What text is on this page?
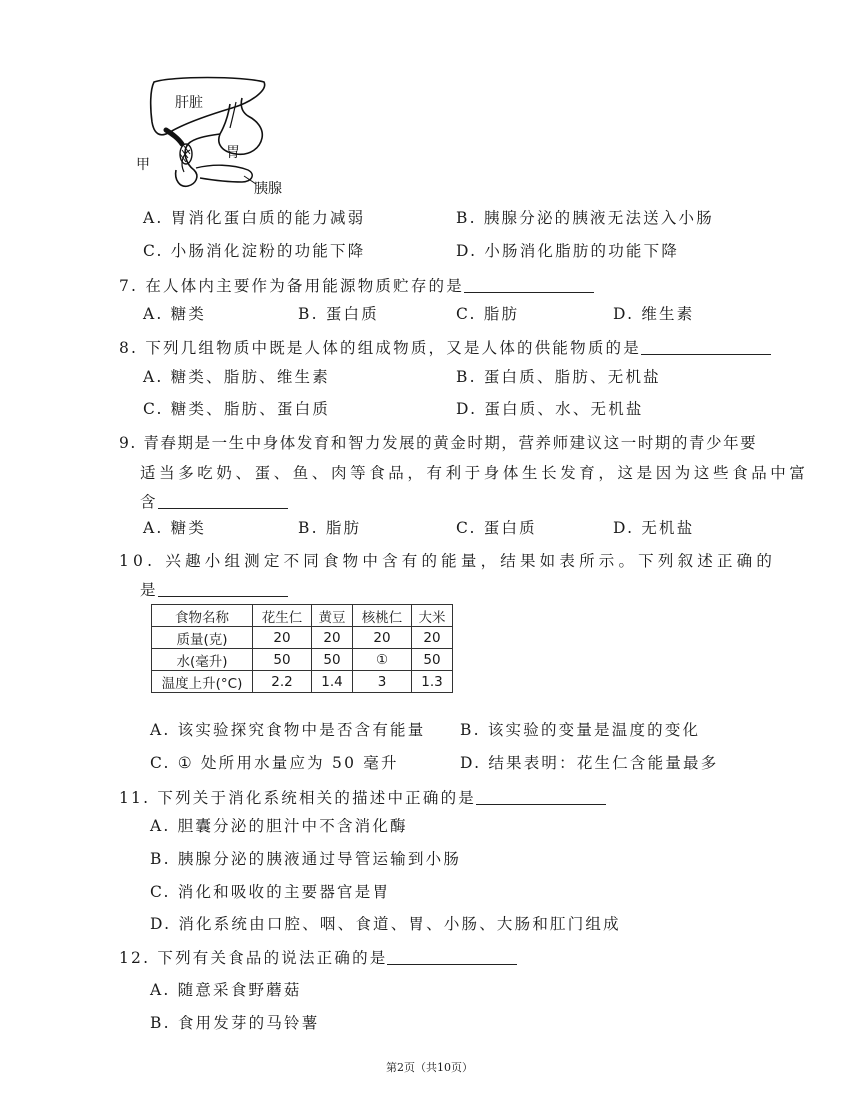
肝脏
胃
甲
胰腺
A. 胃消化蛋白质的能力减弱	B. 胰腺分泌的胰液无法送入小肠
C. 小肠消化淀粉的功能下降	D. 小肠消化脂肪的功能下降
7. 在人体内主要作为备用能源物质贮存的是
A. 糖类	B. 蛋白质	C. 脂肪	D. 维生素
8. 下列几组物质中既是人体的组成物质，又是人体的供能物质的是
A. 糖类、脂肪、维生素	B. 蛋白质、脂肪、无机盐
C. 糖类、脂肪、蛋白质	D. 蛋白质、水、无机盐
9. 青春期是一生中身体发育和智力发展的黄金时期，营养师建议这一时期的青少年要
适当多吃奶、蛋、鱼、肉等食品，有利于身体生长发育，这是因为这些食品中富
含
A. 糖类	B. 脂肪	C. 蛋白质	D. 无机盐
10. 兴趣小组测定不同食物中含有的能量，结果如表所示。下列叙述正确的
是
食物名称	花生仁	黄豆	核桃仁	大米
质量(克)	20	20	20	20
水(毫升)	50	50	①	50
温度上升(°C)	2.2	1.4	3	1.3
A. 该实验探究食物中是否含有能量 B. 该实验的变量是温度的变化
C. ① 处所用水量应为 50 毫升	D. 结果表明：花生仁含能量最多
11. 下列关于消化系统相关的描述中正确的是
A. 胆囊分泌的胆汁中不含消化酶
B. 胰腺分泌的胰液通过导管运输到小肠
C. 消化和吸收的主要器官是胃
D. 消化系统由口腔、咽、食道、胃、小肠、大肠和肛门组成
12. 下列有关食品的说法正确的是
A. 随意采食野蘑菇
B. 食用发芽的马铃薯
第2页（共10页）
